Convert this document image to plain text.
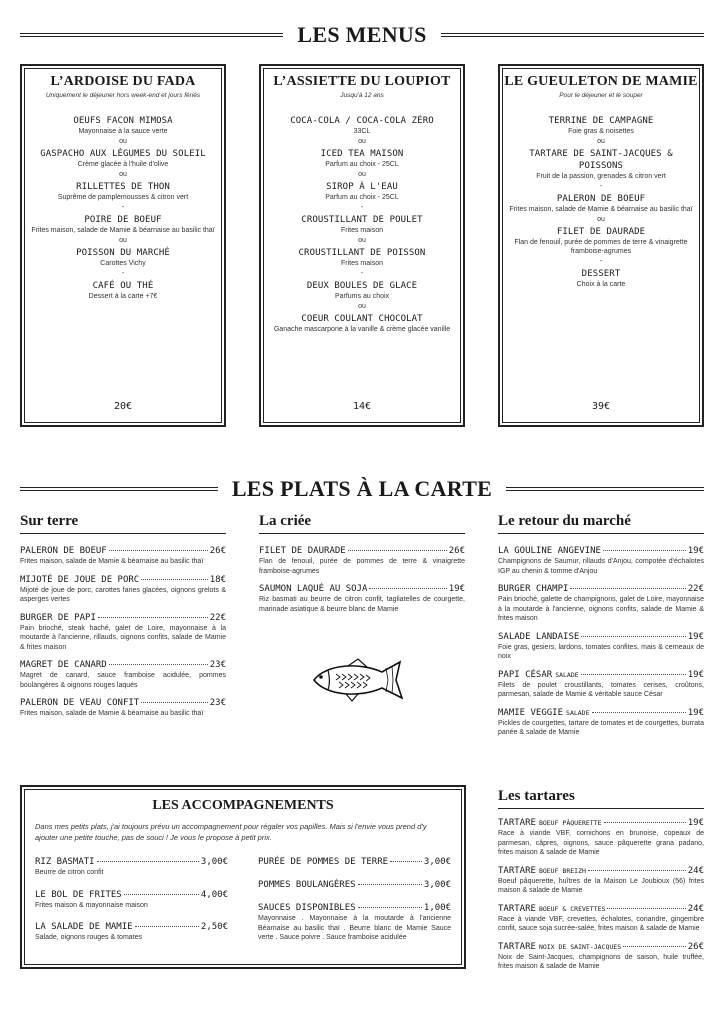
LES MENUS
L’ARDOISE DU FADA
Uniquement le déjeuner hors week-end et jours fériés
OEUFS FACON MIMOSA
Mayonnaise à la sauce verte
ou
GASPACHO AUX LÉGUMES DU SOLEIL
Crème glacée à l'huile d'olive
ou
RILLETTES DE THON
Suprême de pamplemousses & citron vert
-
POIRE DE BOEUF
Frites maison, salade de Mamie & béarnaise au basilic thaï
ou
POISSON DU MARCHÉ
Carottes Vichy
-
CAFÉ OU THÉ
Dessert à la carte +7€
20€
L’ASSIETTE DU LOUPIOT
Jusqu'à 12 ans
COCA-COLA / COCA-COLA ZÉRO
33CL
ou
ICED TEA MAISON
Parfum au choix - 25CL
ou
SIROP À L'EAU
Parfum au choix - 25CL
-
CROUSTILLANT DE POULET
Frites maison
ou
CROUSTILLANT DE POISSON
Frites maison
-
DEUX BOULES DE GLACE
Parfums au choix
ou
COEUR COULANT CHOCOLAT
Ganache mascarpone à la vanille & crème glacée vanille
14€
LE GUEULETON DE MAMIE
Pour le déjeuner et le souper
TERRINE DE CAMPAGNE
Foie gras & noisettes
ou
TARTARE DE SAINT-JACQUES & POISSONS
Fruit de la passion, grenades & citron vert
-
PALERON DE BOEUF
Frites maison, salade de Mamie & béarnaise au basilic thaï
ou
FILET DE DAURADE
Flan de fenouil, purée de pommes de terre & vinaigrette framboise-agrumes
-
DESSERT
Choix à la carte
39€
LES PLATS À LA CARTE
Sur terre
PALERON DE BOEUF	26€
Frites maison, salade de Mamie & béarnaise au basilic thaï
MIJOTÉ DE JOUE DE PORC	18€
Mijoté de joue de porc, carottes fanes glacées, oignons grelots & asperges vertes
BURGER DE PAPI	22€
Pain brioché, steak haché, galet de Loire, mayonnaise à la moutarde à l'ancienne, rillauds, oignons confits, salade de Mamie & frites maison
MAGRET DE CANARD	23€
Magret de canard, sauce framboise acidulée, pommes boulangères & oignons rouges laqués
PALERON DE VEAU CONFIT	23€
Frites maison, salade de Mamie & béarnaise au basilic thaï
La criée
FILET DE DAURADE	26€
Flan de fenouil, purée de pommes de terre & vinaigrette framboise-agrumes
SAUMON LAQUÉ AU SOJA	19€
Riz basmati au beurre de citron confit, tagliatelles de courgette, marinade asiatique & beurre blanc de Mamie
Le retour du marché
LA GOULINE ANGEVINE	19€
Champignons de Saumur, rillauds d'Anjou, compotée d'échalotes IGP au chenin & tomme d'Anjou
BURGER CHAMPI	22€
Pain brioché, galette de champignons, galet de Loire, mayonnaise à la moutarde à l'ancienne, oignons confits, salade de Mamie & frites maison
SALADE LANDAISE	19€
Foie gras, gesiers, lardons, tomates confites, mais & cerneaux de noix
PAPI CÉSAR SALADE	19€
Filets de poulet croustillants, tomates cerises, croûtons, parmesan, salade de Mamie & véritable sauce César
MAMIE VEGGIE SALADE	19€
Pickles de courgettes, tartare de tomates et de courgettes, burrata panée & salade de Mamie
Les tartares
TARTARE BOEUF PÂQUERETTE	19€
Race à viande VBF, cornichons en brunoise, copeaux de parmesan, câpres, oignons, sauce pâquerette grana padano, frites maison & salade de Mamie
TARTARE BOEUF BREIZH	24€
Boeuf pâquerette, huîtres de la Maison Le Joubioux (56) frites maison & salade de Mamie
TARTARE BOEUF & CREVETTES	24€
Race à viande VBF, crevettes, échalotes, coriandre, gingembre confit, sauce soja sucrée-salée, frites maison & salade de Mamie
TARTARE NOIX DE SAINT-JACQUES	26€
Noix de Saint-Jacques, champignons de saison, huile truffée, frites maison & salade de Mamie
LES ACCOMPAGNEMENTS
Dans mes petits plats, j'ai toujours prévu un accompagnement pour régaler vos papilles. Mais si l'envie vous prend d'y ajouter une petite touche, pas de souci ! Je vous le propose à petit prix.
RIZ BASMATI	3,00€
Beurre de citron confit
LE BOL DE FRITES	4,00€
Frites maison & mayonnaise maison
LA SALADE DE MAMIE	2,50€
Salade, oignons rouges & tomates
PURÉE DE POMMES DE TERRE	3,00€
POMMES BOULANGÈRES	3,00€
SAUCES DISPONIBLES	1,00€
Mayonnaise . Mayonnaise à la moutarde à l'ancienne Béarnaise au basilic thaï . Beurre blanc de Mamie Sauce verte . Sauce poivre . Sauce framboise acidulée
